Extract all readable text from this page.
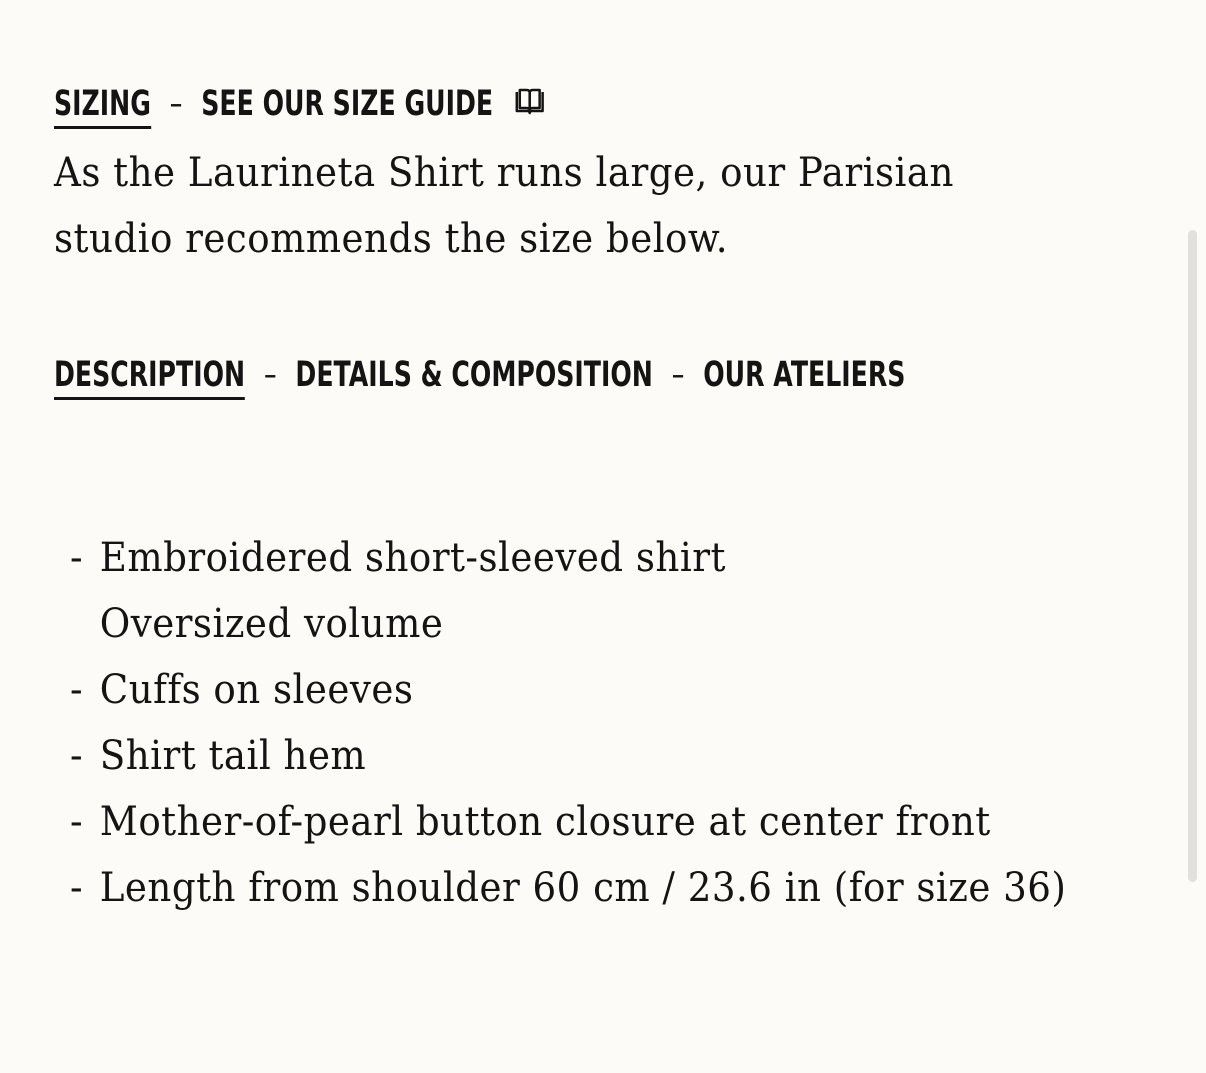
SIZING – SEE OUR SIZE GUIDE

As the Laurineta Shirt runs large, our Parisian studio recommends the size below.

DESCRIPTION – DETAILS & COMPOSITION – OUR ATELIERS
- Embroidered short-sleeved shirt
Oversized volume
- Cuffs on sleeves
- Shirt tail hem
- Mother-of-pearl button closure at center front
- Length from shoulder 60 cm / 23.6 in (for size 36)
